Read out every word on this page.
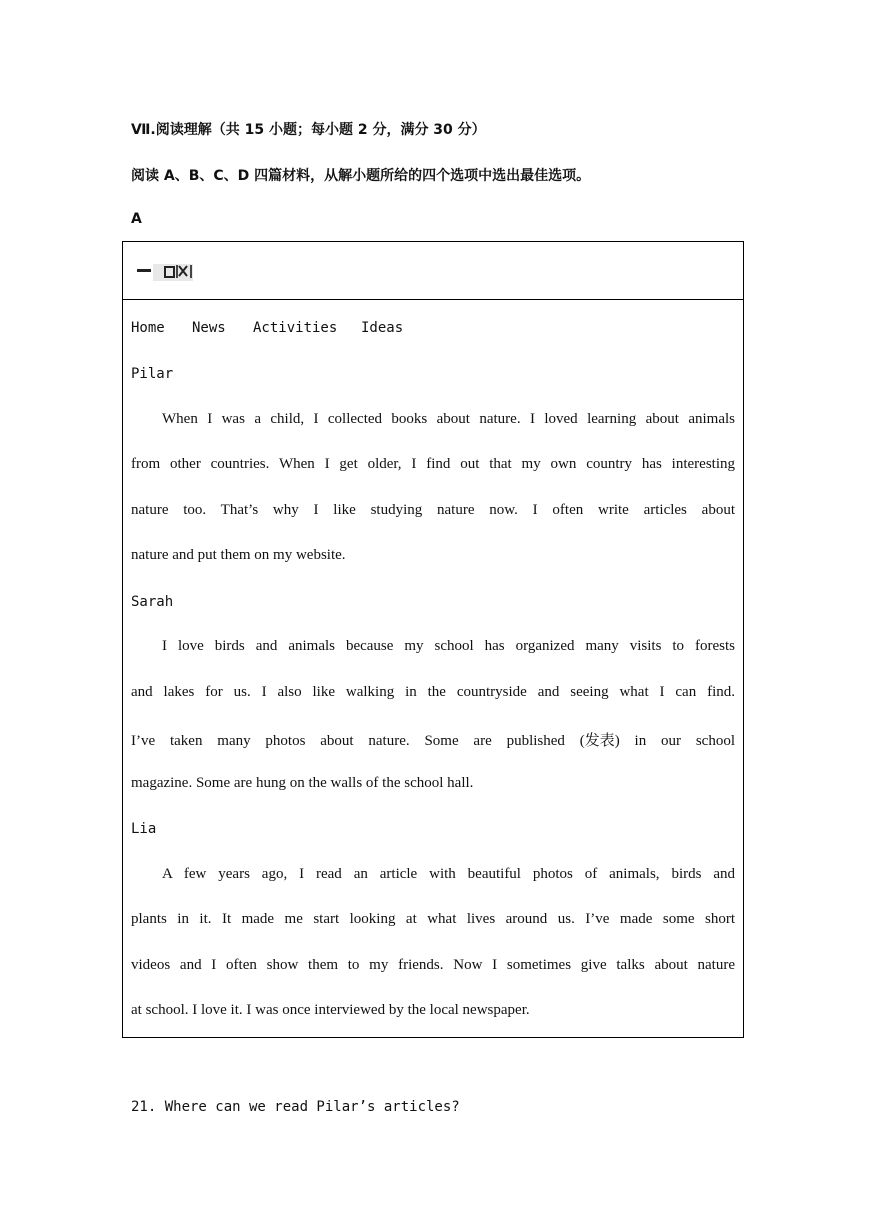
Ⅶ.阅读理解（共 15 小题；每小题 2 分，满分 30 分）
阅读 A、B、C、D 四篇材料，从解小题所给的四个选项中选出最佳选项。
A
Home News Activities Ideas
Pilar
When I was a child, I collected books about nature. I loved learning about animals
from other countries. When I get older, I find out that my own country has interesting
nature too. That’s why I like studying nature now. I often write articles about
nature and put them on my website.
Sarah
I love birds and animals because my school has organized many visits to forests
and lakes for us. I also like walking in the countryside and seeing what I can find.
I’ve taken many photos about nature. Some are published (发表) in our school
magazine. Some are hung on the walls of the school hall.
Lia
A few years ago, I read an article with beautiful photos of animals, birds and
plants in it. It made me start looking at what lives around us. I’ve made some short
videos and I often show them to my friends. Now I sometimes give talks about nature
at school. I love it. I was once interviewed by the local newspaper.
21. Where can we read Pilar’s articles?
